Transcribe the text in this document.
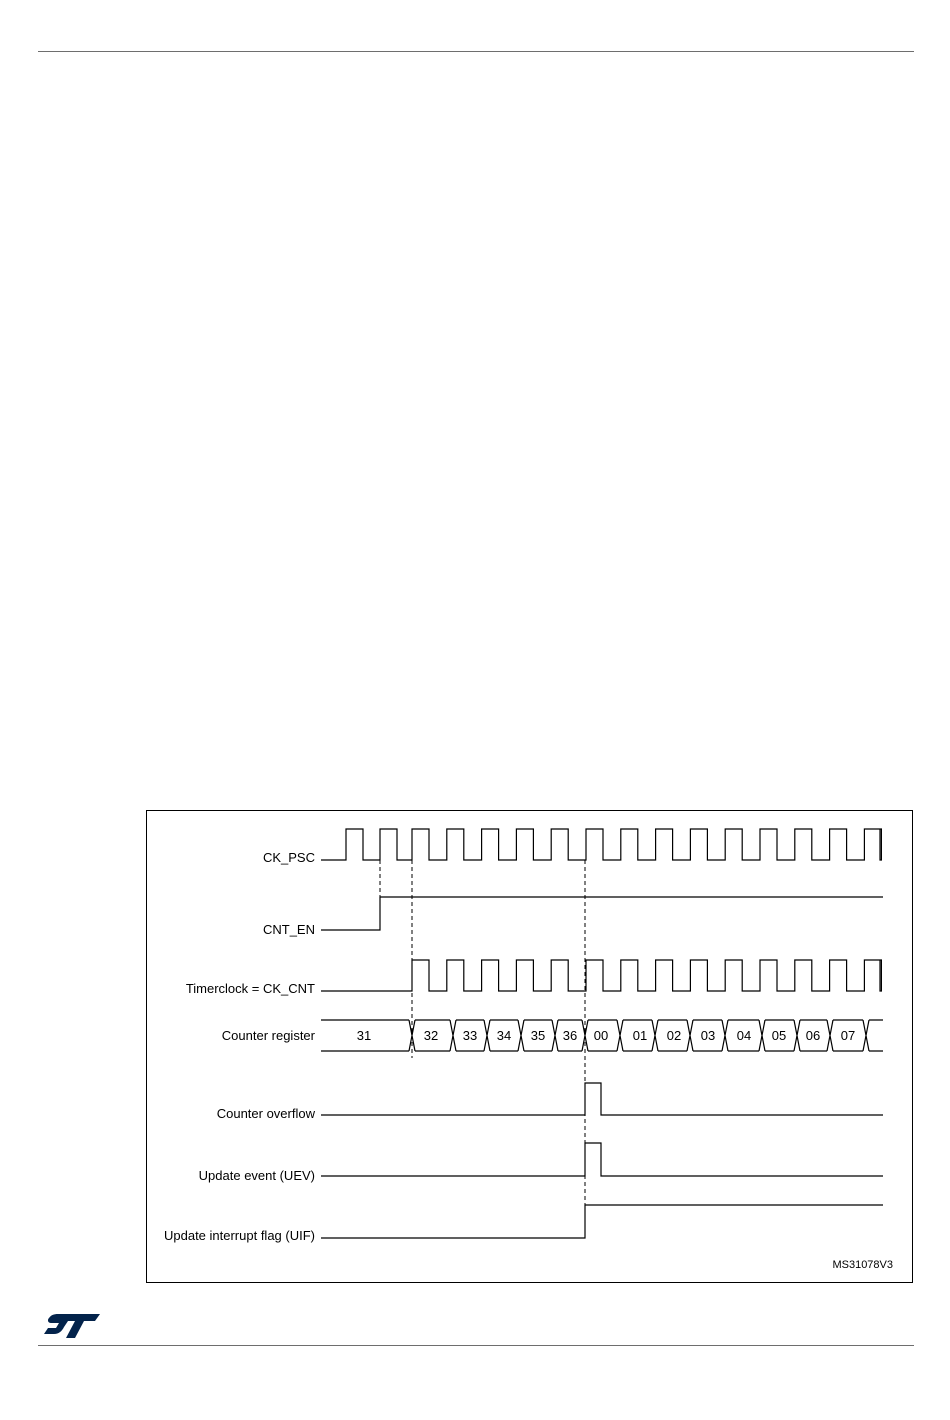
CK_PSC
CNT_EN
Timerclock = CK_CNT
Counter register
Counter overflow
Update event (UEV)
Update interrupt flag (UIF)
31	32 33 34 35 36 00 01 02 03 04 05 06 07
MS31078V3
